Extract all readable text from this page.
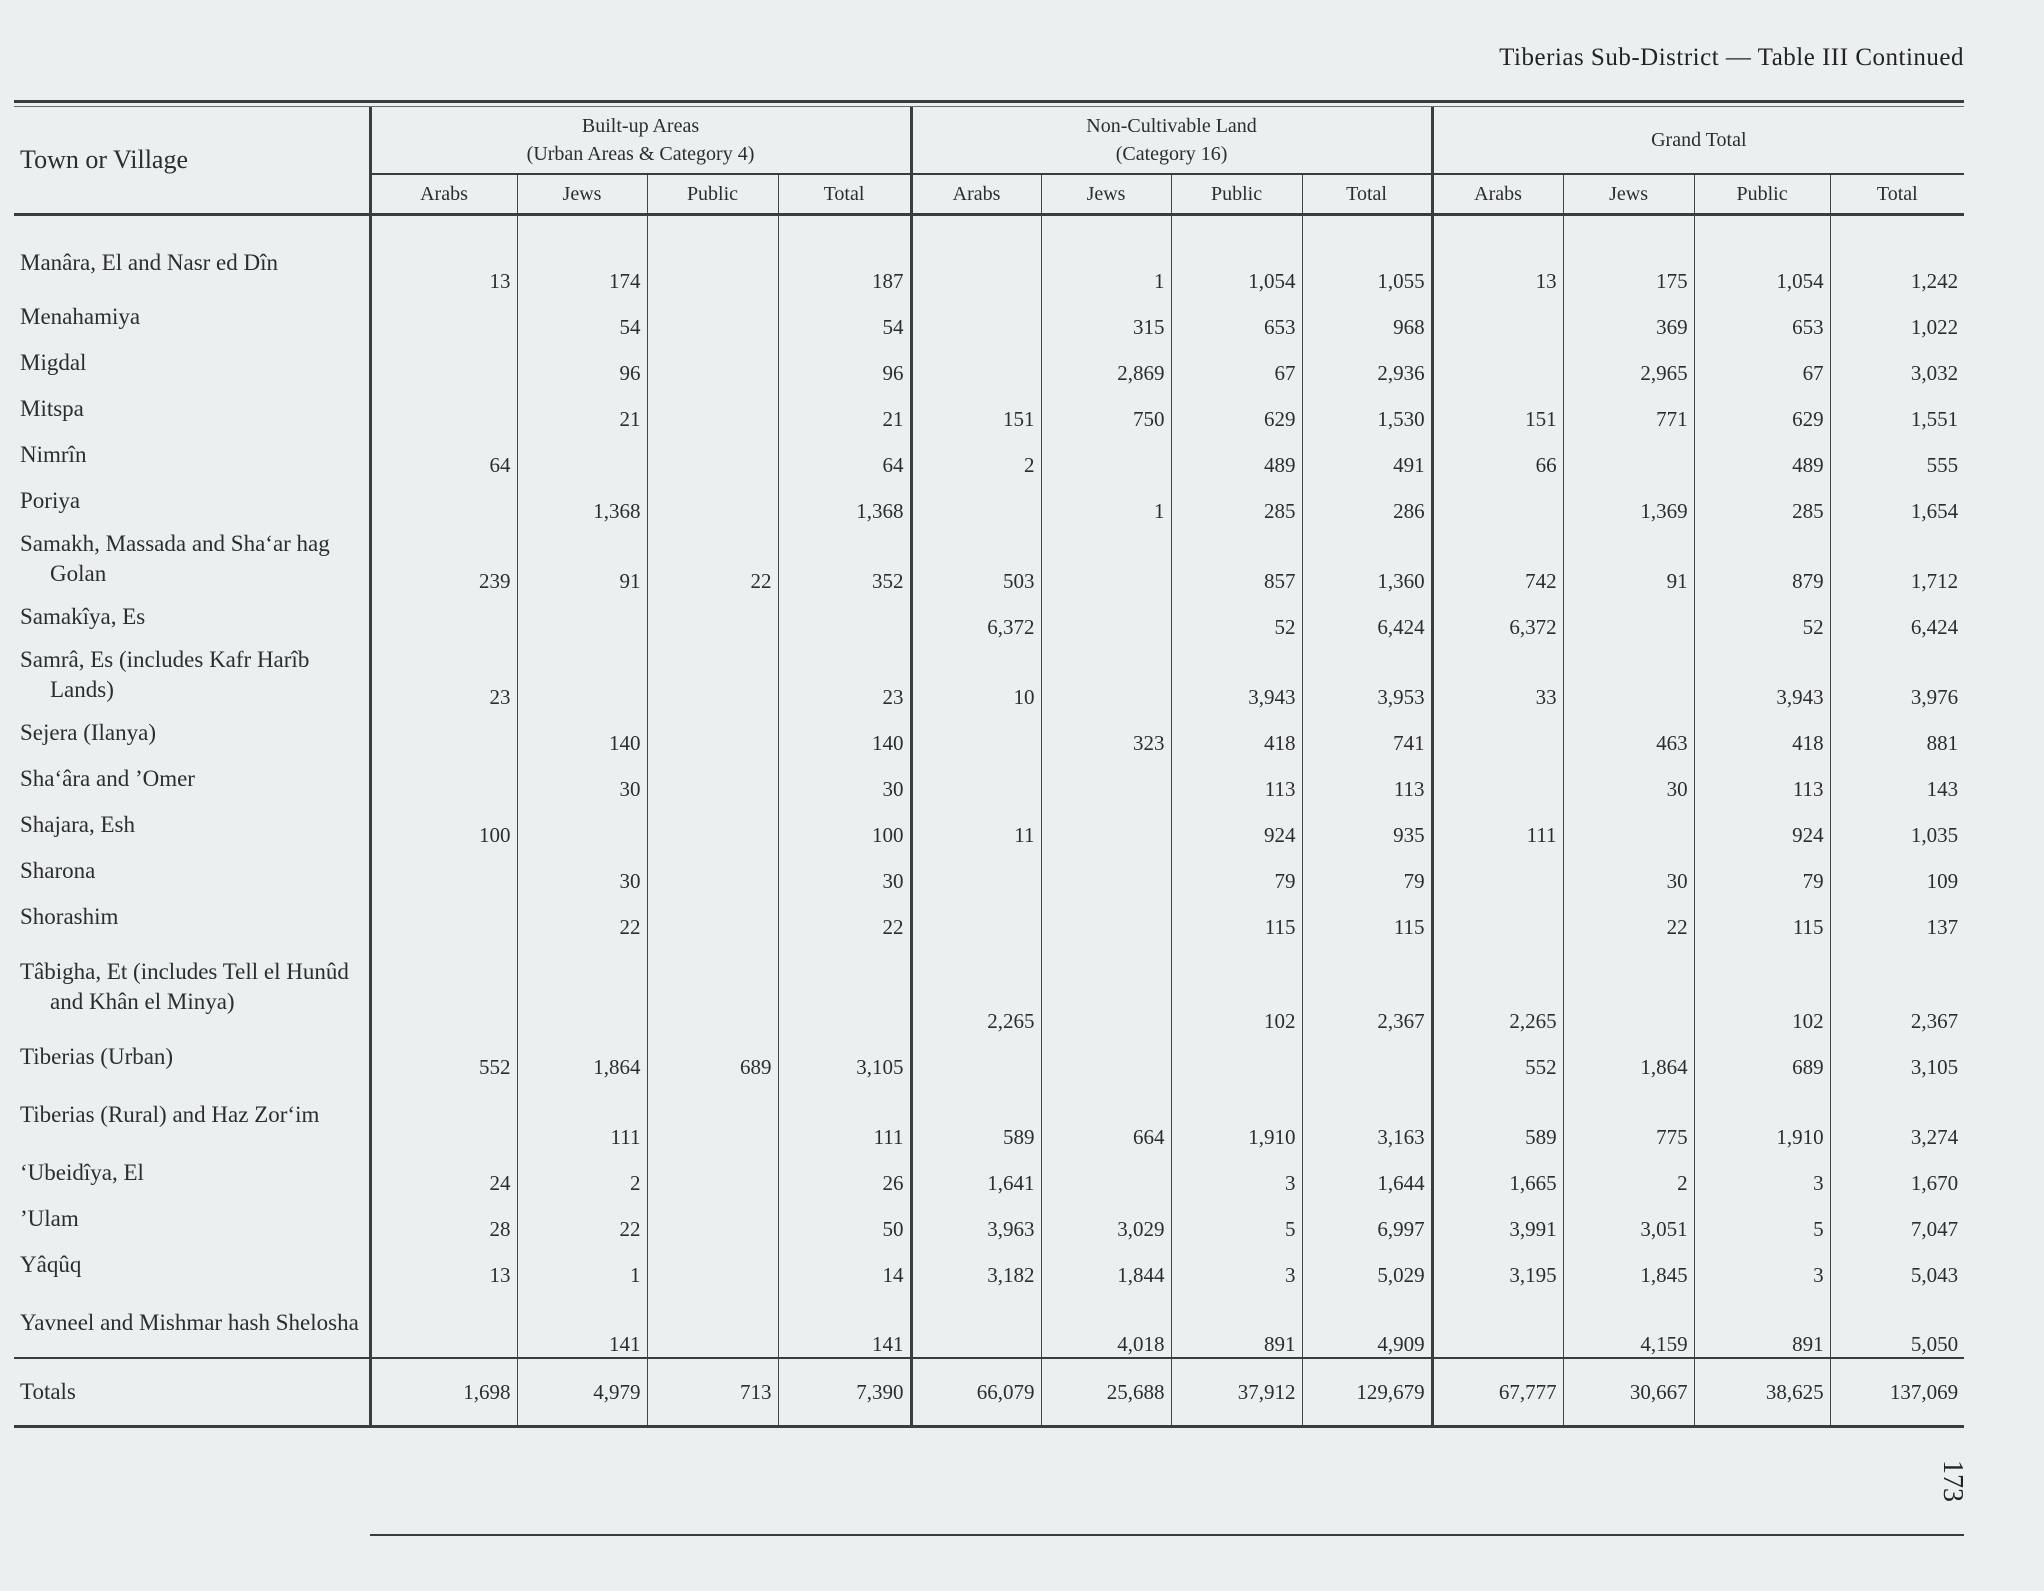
Tiberias Sub-District — Table III Continued
173
Town or Village	Built-up Areas
(Urban Areas & Category 4)				Non-Cultivable Land
(Category 16)				Grand Total			
	Arabs	Jews	Public	Total	Arabs	Jews	Public	Total	Arabs	Jews	Public	Total

Manâra, El and Nasr ed Dîn	13	174		187		1	1,054	1,055	13	175	1,054	1,242

Menahamiya		54		54		315	653	968		369	653	1,022

Migdal		96		96		2,869	67	2,936		2,965	67	3,032

Mitspa		21		21	151	750	629	1,530	151	771	629	1,551

Nimrîn	64			64	2		489	491	66		489	555

Poriya		1,368		1,368		1	285	286		1,369	285	1,654

Samakh, Massada and Sha‘ar hag Golan	239	91	22	352	503		857	1,360	742	91	879	1,712

Samakîya, Es					6,372		52	6,424	6,372		52	6,424

Samrâ, Es (includes Kafr Harîb Lands)	23			23	10		3,943	3,953	33		3,943	3,976

Sejera (Ilanya)		140		140		323	418	741		463	418	881

Sha‘âra and ’Omer		30		30			113	113		30	113	143

Shajara, Esh	100			100	11		924	935	111		924	1,035

Sharona		30		30			79	79		30	79	109

Shorashim		22		22			115	115		22	115	137

Tâbigha, Et (includes Tell el Hunûd and Khân el Minya)					2,265		102	2,367	2,265		102	2,367

Tiberias (Urban)	552	1,864	689	3,105					552	1,864	689	3,105

Tiberias (Rural) and Haz Zor‘im		111		111	589	664	1,910	3,163	589	775	1,910	3,274

‘Ubeidîya, El	24	2		26	1,641		3	1,644	1,665	2	3	1,670

’Ulam	28	22		50	3,963	3,029	5	6,997	3,991	3,051	5	7,047

Yâqûq	13	1		14	3,182	1,844	3	5,029	3,195	1,845	3	5,043

Yavneel and Mishmar hash Shelosha		141		141		4,018	891	4,909		4,159	891	5,050
Totals	1,698	4,979	713	7,390	66,079	25,688	37,912	129,679	67,777	30,667	38,625	137,069
